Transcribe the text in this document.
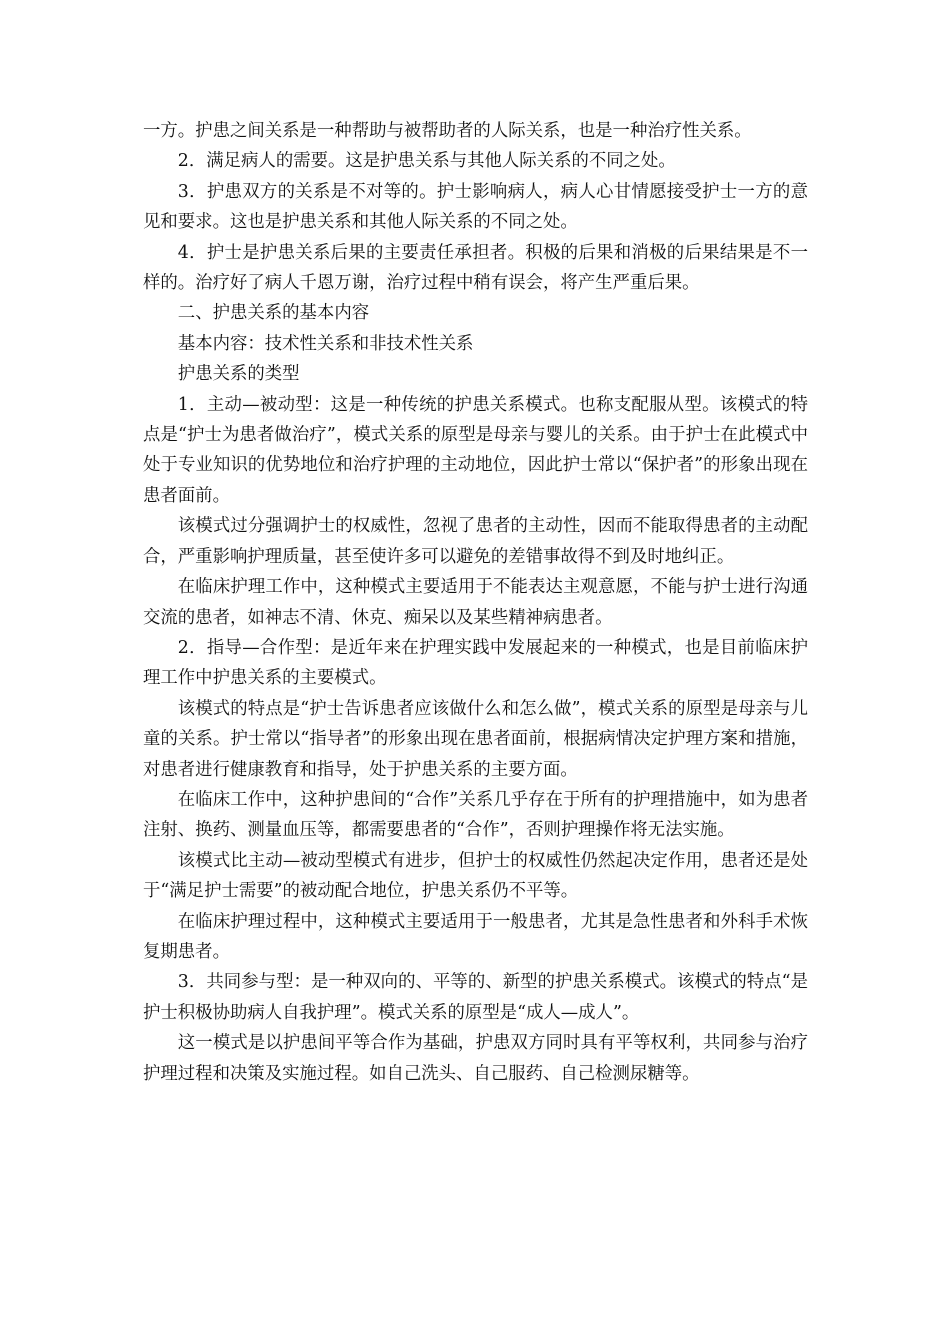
一方。护患之间关系是一种帮助与被帮助者的人际关系，也是一种治疗性关系。

2．满足病人的需要。这是护患关系与其他人际关系的不同之处。

3．护患双方的关系是不对等的。护士影响病人，病人心甘情愿接受护士一方的意见和要求。这也是护患关系和其他人际关系的不同之处。

4．护士是护患关系后果的主要责任承担者。积极的后果和消极的后果结果是不一样的。治疗好了病人千恩万谢，治疗过程中稍有误会，将产生严重后果。

二、护患关系的基本内容

基本内容：技术性关系和非技术性关系

护患关系的类型

1．主动—被动型：这是一种传统的护患关系模式。也称支配服从型。该模式的特点是“护士为患者做治疗”，模式关系的原型是母亲与婴儿的关系。由于护士在此模式中处于专业知识的优势地位和治疗护理的主动地位，因此护士常以“保护者”的形象出现在患者面前。

该模式过分强调护士的权威性，忽视了患者的主动性，因而不能取得患者的主动配合，严重影响护理质量，甚至使许多可以避免的差错事故得不到及时地纠正。

在临床护理工作中，这种模式主要适用于不能表达主观意愿，不能与护士进行沟通交流的患者，如神志不清、休克、痴呆以及某些精神病患者。

2．指导—合作型：是近年来在护理实践中发展起来的一种模式，也是目前临床护理工作中护患关系的主要模式。

该模式的特点是“护士告诉患者应该做什么和怎么做”，模式关系的原型是母亲与儿童的关系。护士常以“指导者”的形象出现在患者面前，根据病情决定护理方案和措施，对患者进行健康教育和指导，处于护患关系的主要方面。

在临床工作中，这种护患间的“合作”关系几乎存在于所有的护理措施中，如为患者注射、换药、测量血压等，都需要患者的“合作”，否则护理操作将无法实施。

该模式比主动—被动型模式有进步，但护士的权威性仍然起决定作用，患者还是处于“满足护士需要”的被动配合地位，护患关系仍不平等。

在临床护理过程中，这种模式主要适用于一般患者，尤其是急性患者和外科手术恢复期患者。

3．共同参与型：是一种双向的、平等的、新型的护患关系模式。该模式的特点“是护士积极协助病人自我护理”。模式关系的原型是“成人—成人”。

这一模式是以护患间平等合作为基础，护患双方同时具有平等权利，共同参与治疗护理过程和决策及实施过程。如自己洗头、自己服药、自己检测尿糖等。
